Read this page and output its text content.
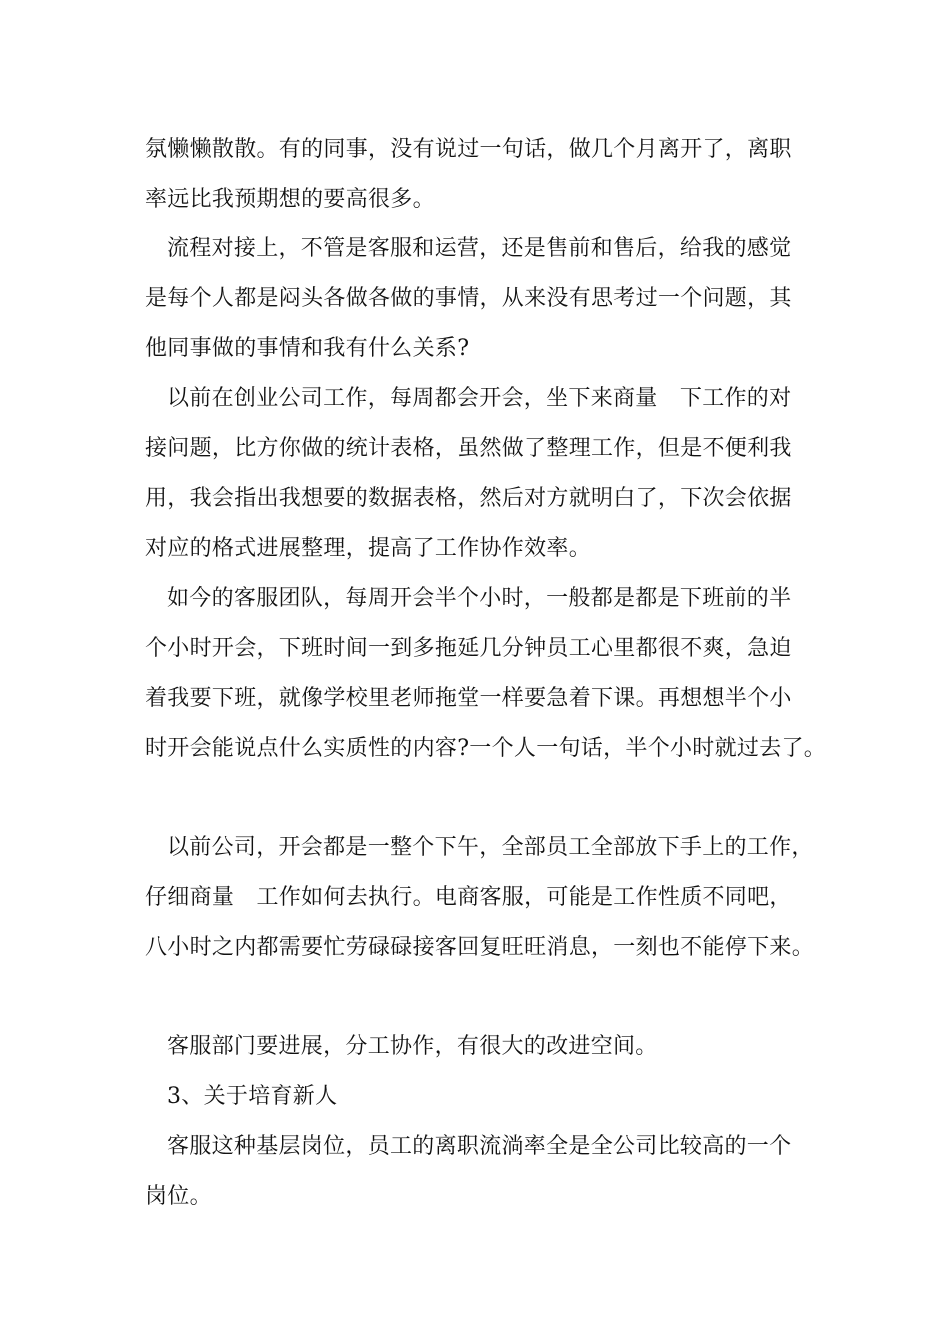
氛懒懒散散。有的同事，没有说过一句话，做几个月离开了，离职
率远比我预期想的要高很多。
流程对接上，不管是客服和运营，还是售前和售后，给我的感觉
是每个人都是闷头各做各做的事情，从来没有思考过一个问题，其
他同事做的事情和我有什么关系?
以前在创业公司工作，每周都会开会，坐下来商量　下工作的对
接问题，比方你做的统计表格，虽然做了整理工作，但是不便利我
用，我会指出我想要的数据表格，然后对方就明白了，下次会依据
对应的格式进展整理，提高了工作协作效率。
如今的客服团队，每周开会半个小时，一般都是都是下班前的半
个小时开会，下班时间一到多拖延几分钟员工心里都很不爽，急迫
着我要下班，就像学校里老师拖堂一样要急着下课。再想想半个小
时开会能说点什么实质性的内容?一个人一句话，半个小时就过去了。
以前公司，开会都是一整个下午，全部员工全部放下手上的工作，
仔细商量　工作如何去执行。电商客服，可能是工作性质不同吧，
八小时之内都需要忙劳碌碌接客回复旺旺消息，一刻也不能停下来。
客服部门要进展，分工协作，有很大的改进空间。
3、关于培育新人
客服这种基层岗位，员工的离职流淌率全是全公司比较高的一个
岗位。
